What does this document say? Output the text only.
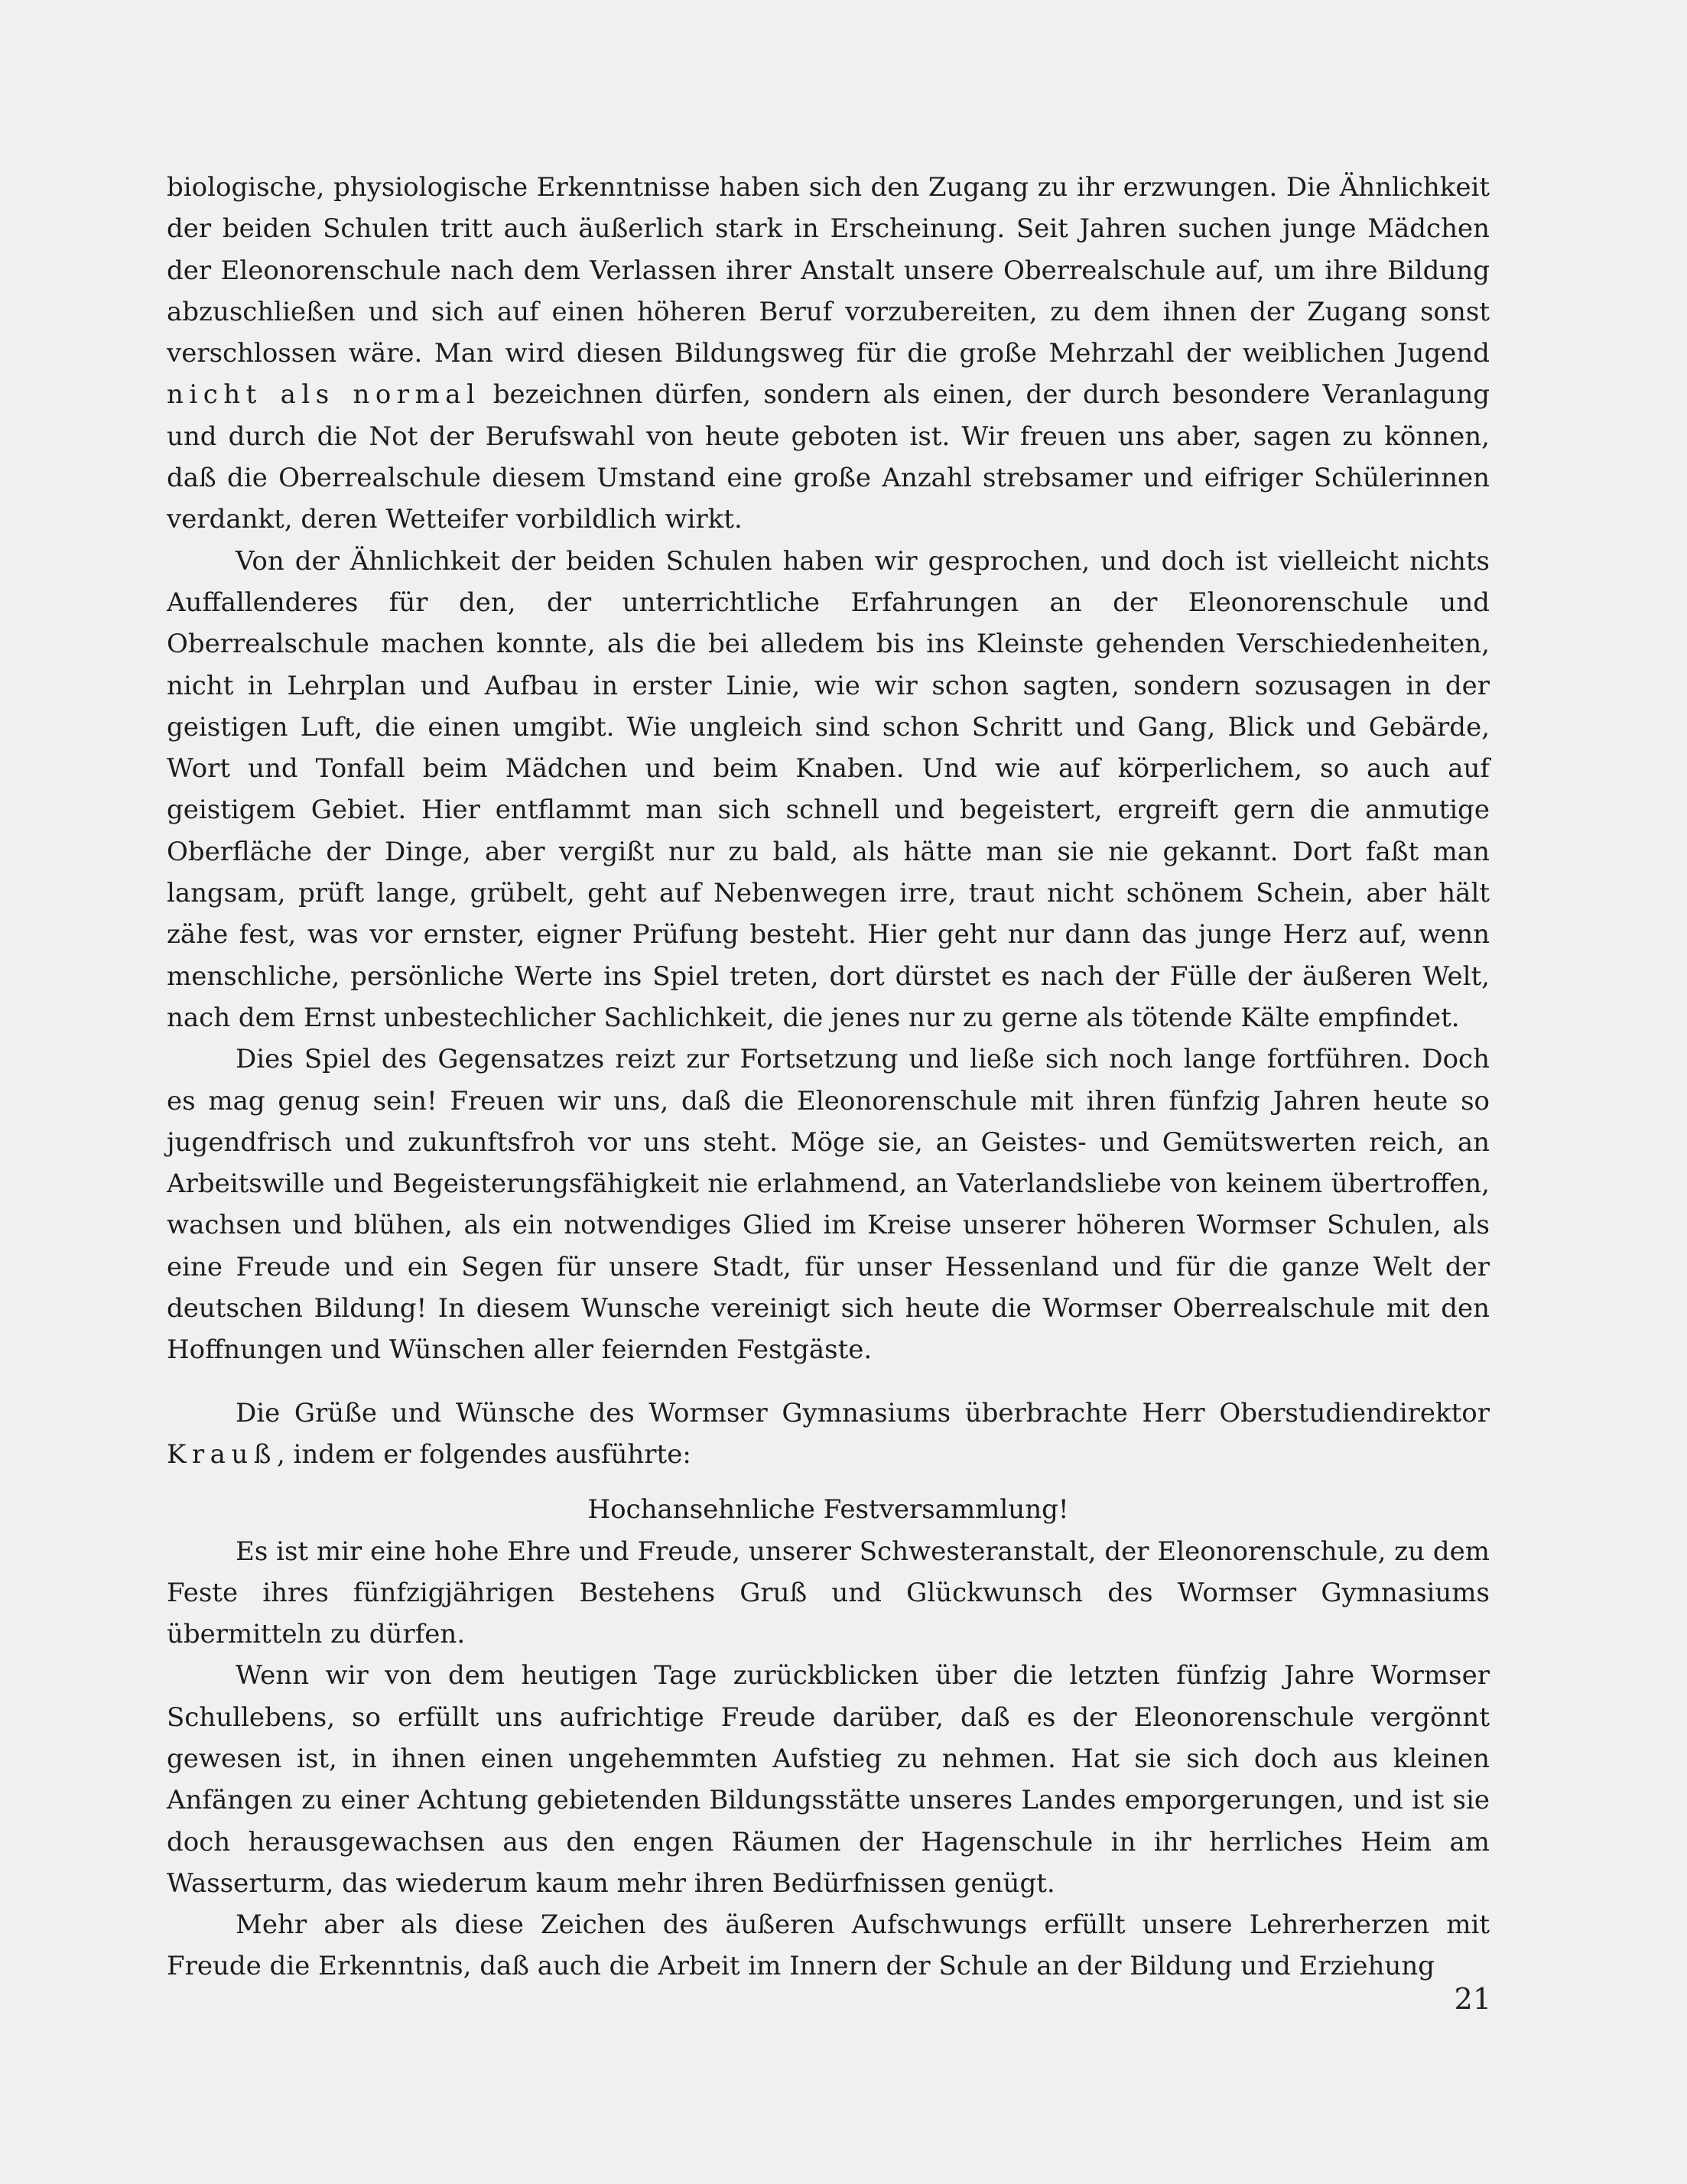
biologische, physiologische Erkenntnisse haben sich den Zugang zu ihr erzwungen. Die Ähnlichkeit der beiden Schulen tritt auch äußerlich stark in Erscheinung. Seit Jahren suchen junge Mädchen der Eleonorenschule nach dem Verlassen ihrer Anstalt unsere Oberrealschule auf, um ihre Bildung abzuschließen und sich auf einen höheren Beruf vorzubereiten, zu dem ihnen der Zugang sonst verschlossen wäre. Man wird diesen Bildungsweg für die große Mehrzahl der weiblichen Jugend nicht als normal bezeichnen dürfen, sondern als einen, der durch besondere Veranlagung und durch die Not der Berufswahl von heute geboten ist. Wir freuen uns aber, sagen zu können, daß die Oberrealschule diesem Umstand eine große Anzahl strebsamer und eifriger Schülerinnen verdankt, deren Wetteifer vorbildlich wirkt.

Von der Ähnlichkeit der beiden Schulen haben wir gesprochen, und doch ist vielleicht nichts Auffallenderes für den, der unterrichtliche Erfahrungen an der Eleonorenschule und Oberrealschule machen konnte, als die bei alledem bis ins Kleinste gehenden Verschiedenheiten, nicht in Lehrplan und Aufbau in erster Linie, wie wir schon sagten, sondern sozusagen in der geistigen Luft, die einen umgibt. Wie ungleich sind schon Schritt und Gang, Blick und Gebärde, Wort und Tonfall beim Mädchen und beim Knaben. Und wie auf körperlichem, so auch auf geistigem Gebiet. Hier entflammt man sich schnell und begeistert, ergreift gern die anmutige Oberfläche der Dinge, aber vergißt nur zu bald, als hätte man sie nie gekannt. Dort faßt man langsam, prüft lange, grübelt, geht auf Nebenwegen irre, traut nicht schönem Schein, aber hält zähe fest, was vor ernster, eigner Prüfung besteht. Hier geht nur dann das junge Herz auf, wenn menschliche, persönliche Werte ins Spiel treten, dort dürstet es nach der Fülle der äußeren Welt, nach dem Ernst unbestechlicher Sachlichkeit, die jenes nur zu gerne als tötende Kälte empfindet.

Dies Spiel des Gegensatzes reizt zur Fortsetzung und ließe sich noch lange fortführen. Doch es mag genug sein! Freuen wir uns, daß die Eleonorenschule mit ihren fünfzig Jahren heute so jugendfrisch und zukunftsfroh vor uns steht. Möge sie, an Geistes- und Gemütswerten reich, an Arbeitswille und Begeisterungsfähigkeit nie erlahmend, an Vaterlandsliebe von keinem übertroffen, wachsen und blühen, als ein notwendiges Glied im Kreise unserer höheren Wormser Schulen, als eine Freude und ein Segen für unsere Stadt, für unser Hessenland und für die ganze Welt der deutschen Bildung! In diesem Wunsche vereinigt sich heute die Wormser Oberrealschule mit den Hoffnungen und Wünschen aller feiernden Festgäste.

Die Grüße und Wünsche des Wormser Gymnasiums überbrachte Herr Oberstudiendirektor Krauß, indem er folgendes ausführte:

Hochansehnliche Festversammlung!

Es ist mir eine hohe Ehre und Freude, unserer Schwesteranstalt, der Eleonorenschule, zu dem Feste ihres fünfzigjährigen Bestehens Gruß und Glückwunsch des Wormser Gymnasiums übermitteln zu dürfen.

Wenn wir von dem heutigen Tage zurückblicken über die letzten fünfzig Jahre Wormser Schullebens, so erfüllt uns aufrichtige Freude darüber, daß es der Eleonorenschule vergönnt gewesen ist, in ihnen einen ungehemmten Aufstieg zu nehmen. Hat sie sich doch aus kleinen Anfängen zu einer Achtung gebietenden Bildungsstätte unseres Landes emporgerungen, und ist sie doch herausgewachsen aus den engen Räumen der Hagenschule in ihr herrliches Heim am Wasserturm, das wiederum kaum mehr ihren Bedürfnissen genügt.

Mehr aber als diese Zeichen des äußeren Aufschwungs erfüllt unsere Lehrerherzen mit Freude die Erkenntnis, daß auch die Arbeit im Innern der Schule an der Bildung und Erziehung

21
